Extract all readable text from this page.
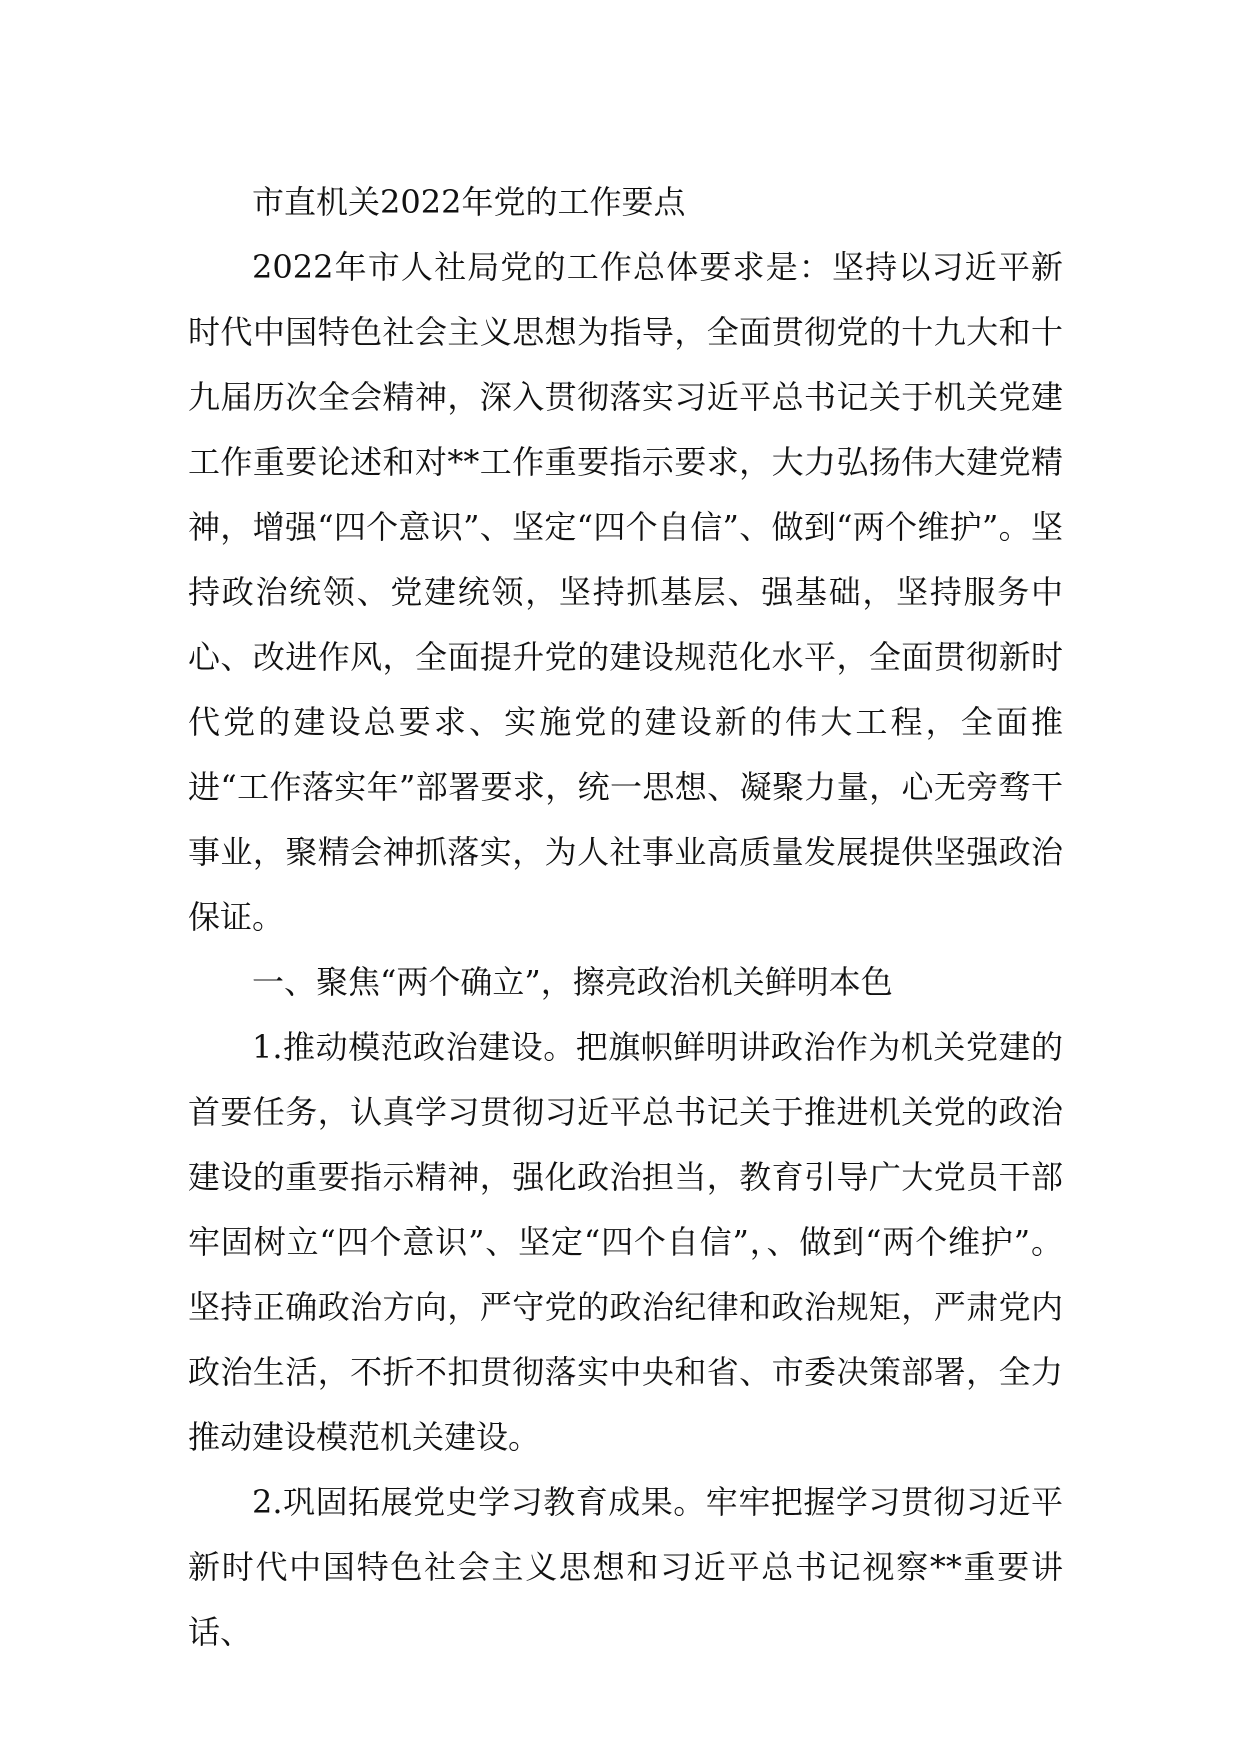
市直机关2022年党的工作要点

2022年市人社局党的工作总体要求是：坚持以习近平新时代中国特色社会主义思想为指导，全面贯彻党的十九大和十九届历次全会精神，深入贯彻落实习近平总书记关于机关党建工作重要论述和对**工作重要指示要求，大力弘扬伟大建党精神，增强“四个意识”、坚定“四个自信”、做到“两个维护”。坚持政治统领、党建统领，坚持抓基层、强基础，坚持服务中心、改进作风，全面提升党的建设规范化水平，全面贯彻新时代党的建设总要求、实施党的建设新的伟大工程，全面推进“工作落实年”部署要求，统一思想、凝聚力量，心无旁骛干事业，聚精会神抓落实，为人社事业高质量发展提供坚强政治保证。

一、聚焦“两个确立”，擦亮政治机关鲜明本色

1.推动模范政治建设。把旗帜鲜明讲政治作为机关党建的首要任务，认真学习贯彻习近平总书记关于推进机关党的政治建设的重要指示精神，强化政治担当，教育引导广大党员干部牢固树立“四个意识”、坚定“四个自信”，、做到“两个维护”。坚持正确政治方向，严守党的政治纪律和政治规矩，严肃党内政治生活，不折不扣贯彻落实中央和省、市委决策部署，全力推动建设模范机关建设。

2.巩固拓展党史学习教育成果。牢牢把握学习贯彻习近平新时代中国特色社会主义思想和习近平总书记视察**重要讲话、
